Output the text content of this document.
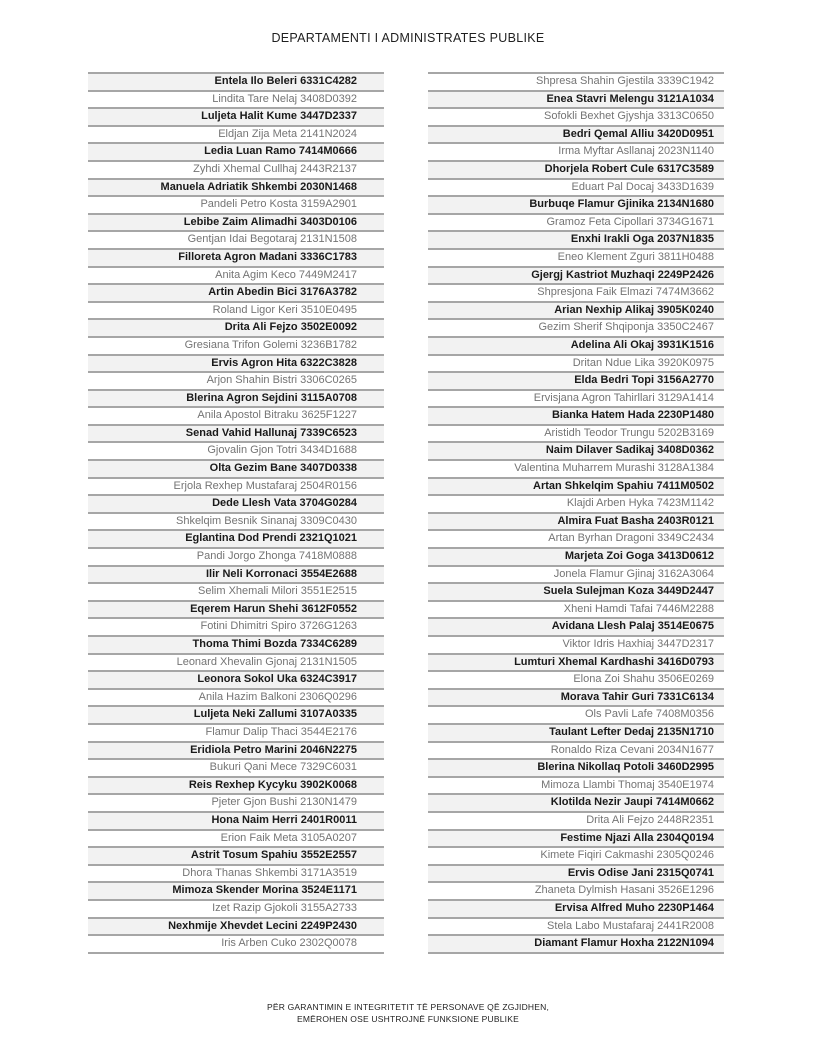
DEPARTAMENTI I ADMINISTRATES PUBLIKE
Entela Ilo Beleri 6331C4282
Lindita Tare Nelaj 3408D0392
Luljeta Halit Kume 3447D2337
Eldjan Zija Meta 2141N2024
Ledia Luan Ramo 7414M0666
Zyhdi Xhemal Cullhaj 2443R2137
Manuela Adriatik Shkembi 2030N1468
Pandeli Petro Kosta 3159A2901
Lebibe Zaim Alimadhi 3403D0106
Gentjan Idai Begotaraj 2131N1508
Filloreta Agron Madani 3336C1783
Anita Agim Keco 7449M2417
Artin Abedin Bici 3176A3782
Roland Ligor Keri 3510E0495
Drita Ali Fejzo 3502E0092
Gresiana Trifon Golemi 3236B1782
Ervis Agron Hita 6322C3828
Arjon Shahin Bistri 3306C0265
Blerina Agron Sejdini 3115A0708
Anila Apostol Bitraku 3625F1227
Senad Vahid Hallunaj 7339C6523
Gjovalin Gjon Totri 3434D1688
Olta Gezim Bane 3407D0338
Erjola Rexhep Mustafaraj 2504R0156
Dede Llesh Vata 3704G0284
Shkelqim Besnik Sinanaj 3309C0430
Eglantina Dod Prendi 2321Q1021
Pandi Jorgo Zhonga 7418M0888
Ilir Neli Korronaci 3554E2688
Selim Xhemali Milori 3551E2515
Eqerem Harun Shehi 3612F0552
Fotini Dhimitri Spiro 3726G1263
Thoma Thimi Bozda 7334C6289
Leonard Xhevalin Gjonaj 2131N1505
Leonora Sokol Uka 6324C3917
Anila Hazim Balkoni 2306Q0296
Luljeta Neki Zallumi 3107A0335
Flamur Dalip Thaci 3544E2176
Eridiola Petro Marini 2046N2275
Bukuri Qani Mece 7329C6031
Reis Rexhep Kycyku 3902K0068
Pjeter Gjon Bushi 2130N1479
Hona Naim Herri 2401R0011
Erion Faik Meta 3105A0207
Astrit Tosum Spahiu 3552E2557
Dhora Thanas Shkembi 3171A3519
Mimoza Skender Morina 3524E1171
Izet Razip Gjokoli 3155A2733
Nexhmije Xhevdet Lecini 2249P2430
Iris Arben Cuko 2302Q0078
Shpresa Shahin Gjestila 3339C1942
Enea Stavri Melengu 3121A1034
Sofokli Bexhet Gjyshja 3313C0650
Bedri Qemal Alliu 3420D0951
Irma Myftar Asllanaj 2023N1140
Dhorjela Robert Cule 6317C3589
Eduart Pal Docaj 3433D1639
Burbuqe Flamur Gjinika 2134N1680
Gramoz Feta Cipollari 3734G1671
Enxhi Irakli Oga 2037N1835
Eneo Klement Zguri 3811H0488
Gjergj Kastriot Muzhaqi 2249P2426
Shpresjona Faik Elmazi 7474M3662
Arian Nexhip Alikaj 3905K0240
Gezim Sherif Shqiponja 3350C2467
Adelina Ali Okaj 3931K1516
Dritan Ndue Lika 3920K0975
Elda Bedri Topi 3156A2770
Ervisjana Agron Tahirllari 3129A1414
Bianka Hatem Hada 2230P1480
Aristidh Teodor Trungu 5202B3169
Naim Dilaver Sadikaj 3408D0362
Valentina Muharrem Murashi 3128A1384
Artan Shkelqim Spahiu 7411M0502
Klajdi Arben Hyka 7423M1142
Almira Fuat Basha 2403R0121
Artan Byrhan Dragoni 3349C2434
Marjeta Zoi Goga 3413D0612
Jonela Flamur Gjinaj 3162A3064
Suela Sulejman Koza 3449D2447
Xheni Hamdi Tafai 7446M2288
Avidana Llesh Palaj 3514E0675
Viktor Idris Haxhiaj 3447D2317
Lumturi Xhemal Kardhashi 3416D0793
Elona Zoi Shahu 3506E0269
Morava Tahir Guri 7331C6134
Ols Pavli Lafe 7408M0356
Taulant Lefter Dedaj 2135N1710
Ronaldo Riza Cevani 2034N1677
Blerina Nikollaq Potoli 3460D2995
Mimoza Llambi Thomaj 3540E1974
Klotilda Nezir Jaupi 7414M0662
Drita Ali Fejzo 2448R2351
Festime Njazi Alla 2304Q0194
Kimete Fiqiri Cakmashi 2305Q0246
Ervis Odise Jani 2315Q0741
Zhaneta Dylmish Hasani 3526E1296
Ervisa Alfred Muho 2230P1464
Stela Labo Mustafaraj 2441R2008
Diamant Flamur Hoxha 2122N1094
PËR GARANTIMIN E INTEGRITETIT TË PERSONAVE QË ZGJIDHEN,
EMËROHEN OSE USHTROJNË FUNKSIONE PUBLIKE
